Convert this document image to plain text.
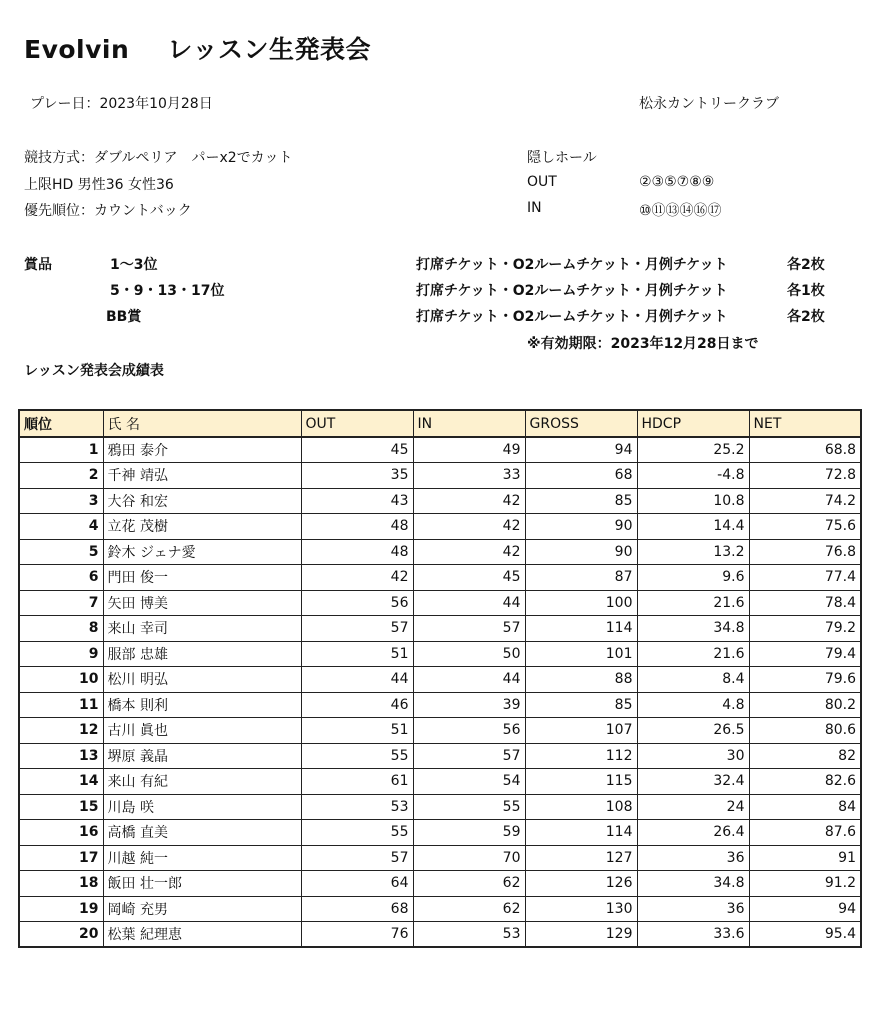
Evolvin レッスン生発表会
プレー日：2023年10月28日	松永カントリークラブ
競技方式：ダブルペリア　パーx2でカット
上限HD 男性36 女性36
優先順位：カウントバック
隠しホール
OUT	②③⑤⑦⑧⑨
IN	⑩⑪⑬⑭⑯⑰
賞品	1～3位	打席チケット・O2ルームチケット・月例チケット	各2枚
5・9・13・17位	打席チケット・O2ルームチケット・月例チケット	各1枚
BB賞	打席チケット・O2ルームチケット・月例チケット	各2枚
※有効期限：2023年12月28日まで
レッスン発表会成績表
順位	氏 名	OUT	IN	GROSS	HDCP	NET
1	鴉田 泰介	45	49	94	25.2	68.8
2	千神 靖弘	35	33	68	-4.8	72.8
3	大谷 和宏	43	42	85	10.8	74.2
4	立花 茂樹	48	42	90	14.4	75.6
5	鈴木 ジェナ愛	48	42	90	13.2	76.8
6	門田 俊一	42	45	87	9.6	77.4
7	矢田 博美	56	44	100	21.6	78.4
8	来山 幸司	57	57	114	34.8	79.2
9	服部 忠雄	51	50	101	21.6	79.4
10	松川 明弘	44	44	88	8.4	79.6
11	橋本 則利	46	39	85	4.8	80.2
12	古川 眞也	51	56	107	26.5	80.6
13	堺原 義晶	55	57	112	30	82
14	来山 有紀	61	54	115	32.4	82.6
15	川島 咲	53	55	108	24	84
16	高橋 直美	55	59	114	26.4	87.6
17	川越 純一	57	70	127	36	91
18	飯田 壮一郎	64	62	126	34.8	91.2
19	岡崎 充男	68	62	130	36	94
20	松葉 紀理恵	76	53	129	33.6	95.4
